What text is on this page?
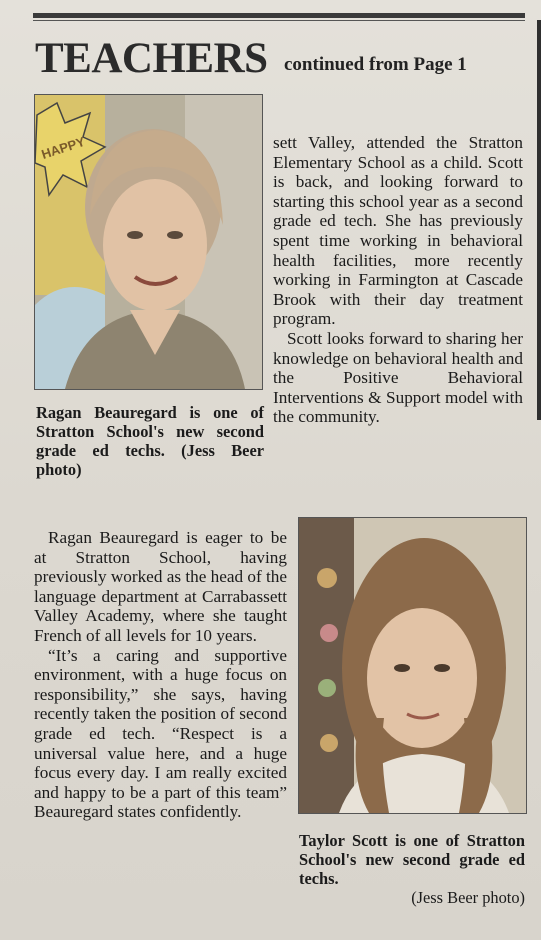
TEACHERS continued from Page 1
HAPPY
Ragan Beauregard is one of Stratton School's new second grade ed techs. (Jess Beer photo)

sett Valley, attended the Stratton Elementary School as a child. Scott is back, and looking forward to starting this school year as a second grade ed tech. She has previously spent time working in behavioral health facilities, more recently working in Farmington at Cascade Brook with their day treatment program.

Scott looks forward to sharing her knowledge on behavioral health and the Positive Behavioral Interventions & Support model with the community.

Ragan Beauregard is eager to be at Stratton School, having previously worked as the head of the language department at Carrabassett Valley Academy, where she taught French of all levels for 10 years.

“It’s a caring and supportive environment, with a huge focus on responsibility,” she says, having recently taken the position of second grade ed tech. “Respect is a universal value here, and a huge focus every day. I am really excited and happy to be a part of this team” Beauregard states confidently.

Taylor Scott is one of Stratton School's new second grade ed techs.
(Jess Beer photo)
